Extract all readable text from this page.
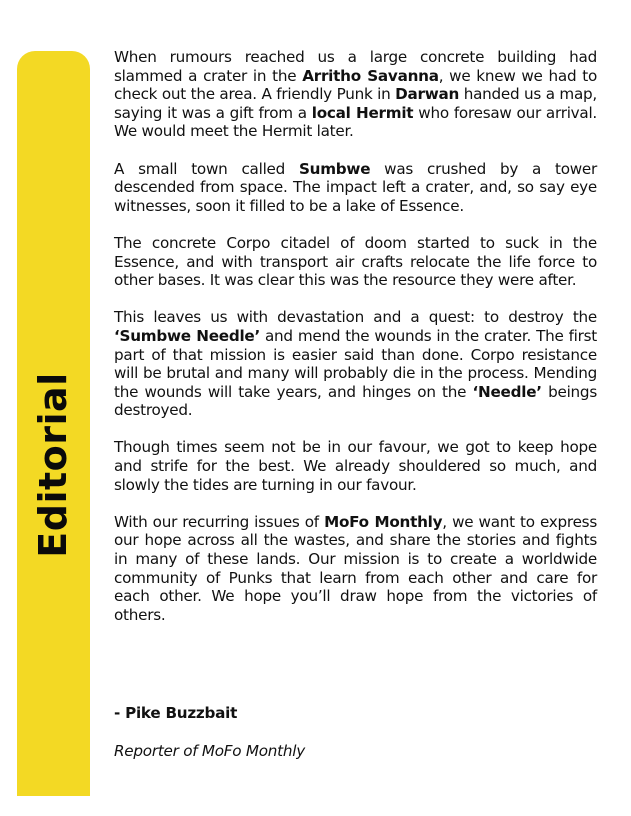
Editorial

When rumours reached us a large concrete building had slammed a crater in the Arritho Savanna, we knew we had to check out the area. A friendly Punk in Darwan handed us a map, saying it was a gift from a local Hermit who foresaw our arrival. We would meet the Hermit later.

A small town called Sumbwe was crushed by a tower descended from space. The impact left a crater, and, so say eye witnesses, soon it filled to be a lake of Essence.

The concrete Corpo citadel of doom started to suck in the Essence, and with transport air crafts relocate the life force to other bases. It was clear this was the resource they were after.

This leaves us with devastation and a quest: to destroy the ‘Sumbwe Needle’ and mend the wounds in the crater. The first part of that mission is easier said than done. Corpo resistance will be brutal and many will probably die in the process. Mending the wounds will take years, and hinges on the ‘Needle’ beings destroyed.

Though times seem not be in our favour, we got to keep hope and strife for the best. We already shouldered so much, and slowly the tides are turning in our favour.

With our recurring issues of MoFo Monthly, we want to express our hope across all the wastes, and share the stories and fights in many of these lands. Our mission is to create a worldwide community of Punks that learn from each other and care for each other. We hope you’ll draw hope from the victories of others.

- Pike Buzzbait
Reporter of MoFo Monthly
